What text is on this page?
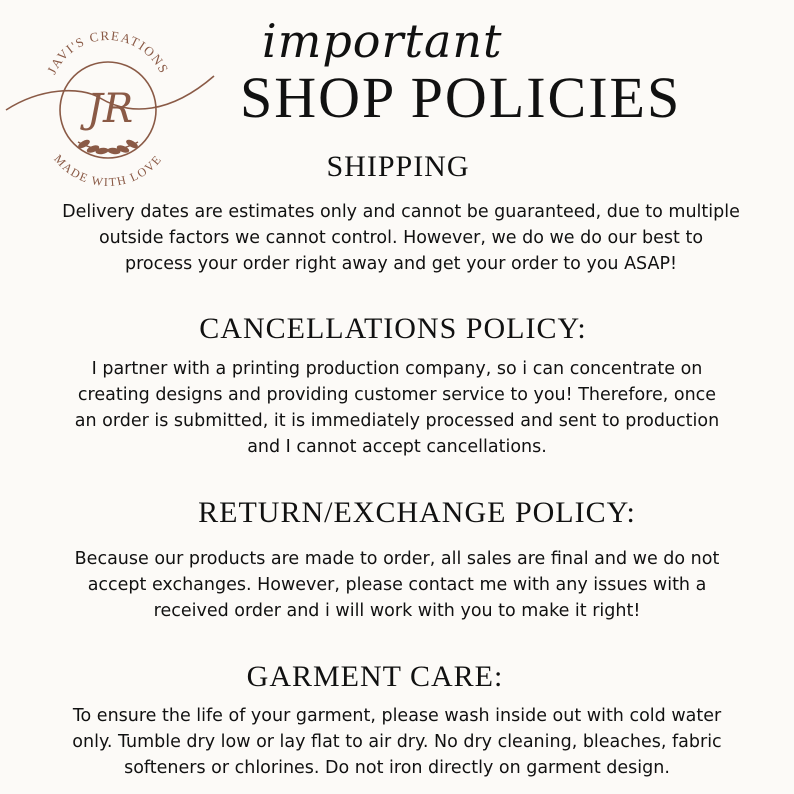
JAVI'S CREATIONS
JR
MADE WITH LOVE
important
SHOP POLICIES
SHIPPING
Delivery dates are estimates only and cannot be guaranteed, due to multiple
outside factors we cannot control. However, we do we do our best to
process your order right away and get your order to you ASAP!
CANCELLATIONS POLICY:
I partner with a printing production company, so i can concentrate on
creating designs and providing customer service to you! Therefore, once
an order is submitted, it is immediately processed and sent to production
and I cannot accept cancellations.
RETURN/EXCHANGE POLICY:
Because our products are made to order, all sales are final and we do not
accept exchanges. However, please contact me with any issues with a
received order and i will work with you to make it right!
GARMENT CARE:
To ensure the life of your garment, please wash inside out with cold water
only. Tumble dry low or lay flat to air dry. No dry cleaning, bleaches, fabric
softeners or chlorines. Do not iron directly on garment design.
